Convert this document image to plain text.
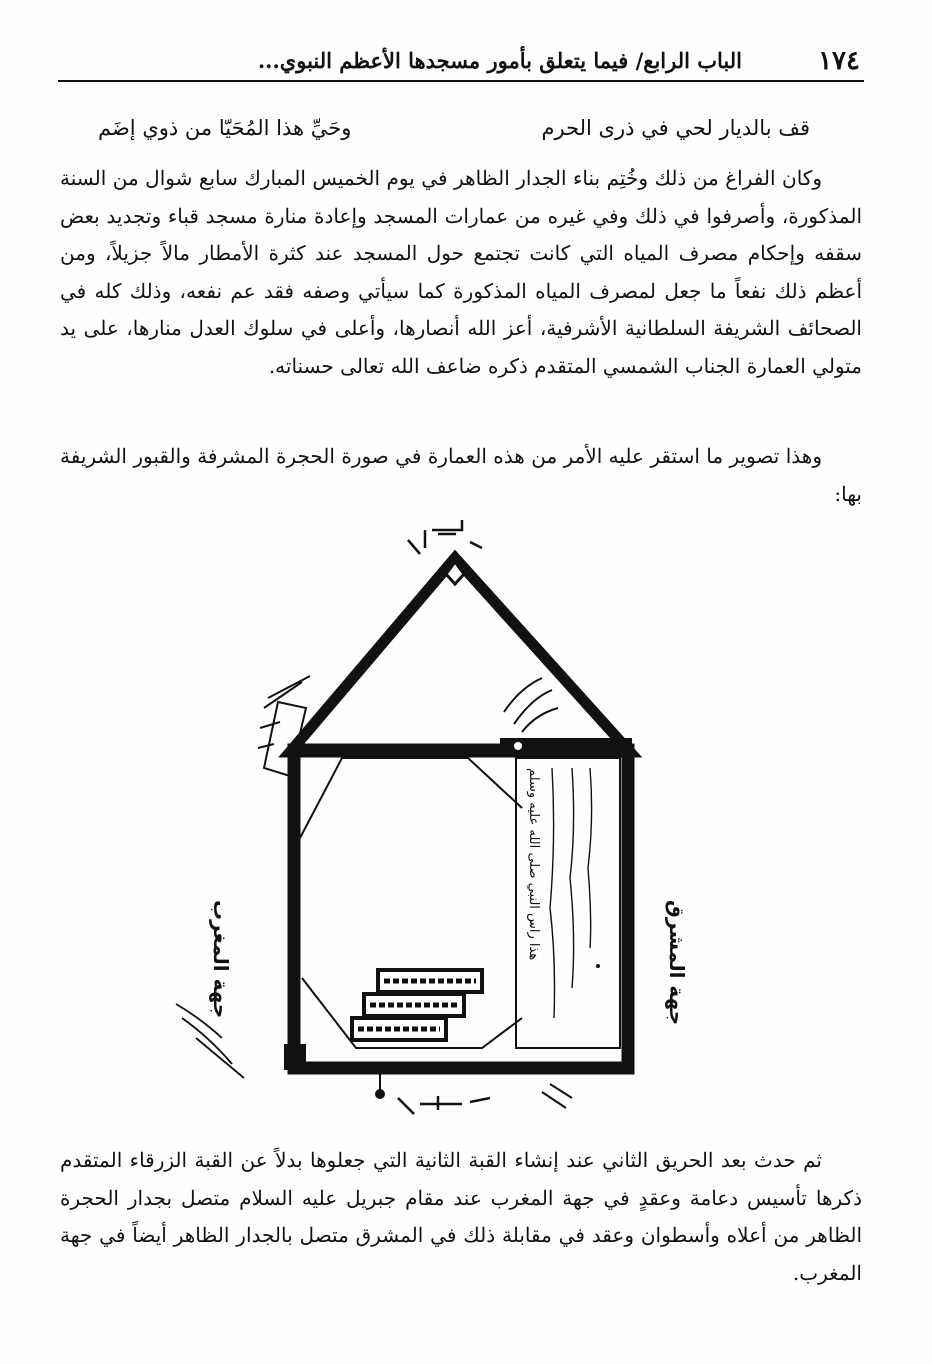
١٧٤
الباب الرابع/ فيما يتعلق بأمور مسجدها الأعظم النبوي...
قف بالديار لحي في ذرى الحرم
وحَيِّ هذا المُحَيّا من ذوي إضَم

وكان الفراغ من ذلك وخُتِم بناء الجدار الظاهر في يوم الخميس المبارك سابع شوال من السنة المذكورة، وأصرفوا في ذلك وفي غيره من عمارات المسجد وإعادة منارة مسجد قباء وتجديد بعض سقفه وإحكام مصرف المياه التي كانت تجتمع حول المسجد عند كثرة الأمطار مالاً جزيلاً، ومن أعظم ذلك نفعاً ما جعل لمصرف المياه المذكورة كما سيأتي وصفه فقد عم نفعه، وذلك كله في الصحائف الشريفة السلطانية الأشرفية، أعز الله أنصارها، وأعلى في سلوك العدل منارها، على يد متولي العمارة الجناب الشمسي المتقدم ذكره ضاعف الله تعالى حسناته.

وهذا تصوير ما استقر عليه الأمر من هذه العمارة في صورة الحجرة المشرفة والقبور الشريفة بها:

هذا راس النبي صلى الله عليه وسلم
جهة المغرب	جهة المشرق

ثم حدث بعد الحريق الثاني عند إنشاء القبة الثانية التي جعلوها بدلاً عن القبة الزرقاء المتقدم ذكرها تأسيس دعامة وعقدٍ في جهة المغرب عند مقام جبريل عليه السلام متصل بجدار الحجرة الظاهر من أعلاه وأسطوان وعقد في مقابلة ذلك في المشرق متصل بالجدار الظاهر أيضاً في جهة المغرب.
